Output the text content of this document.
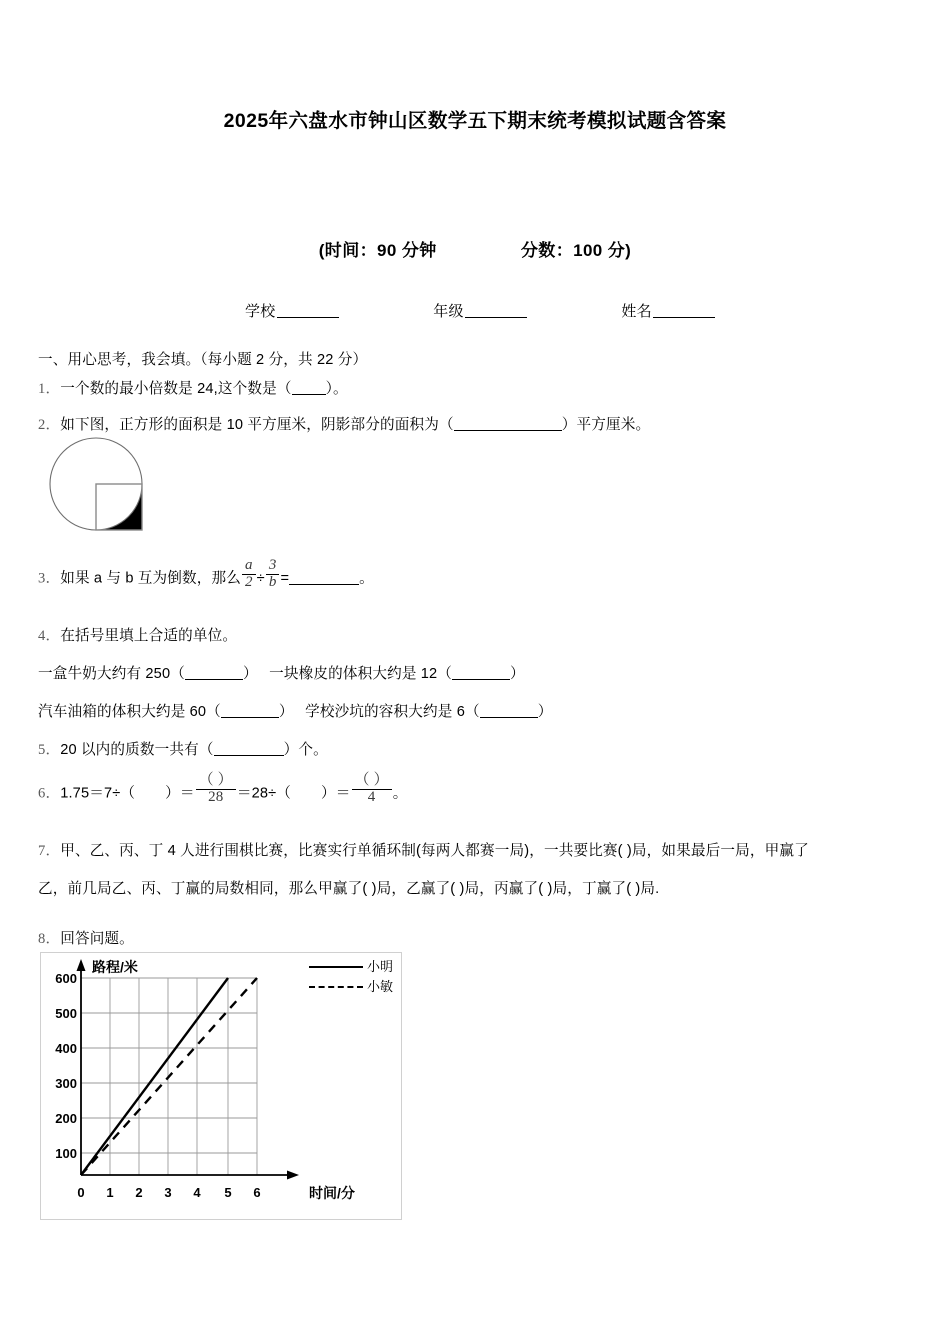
2025年六盘水市钟山区数学五下期末统考模拟试题含答案
(时间：90 分钟	分数：100 分)
学校	年级	姓名
一、用心思考，我会填。（每小题 2 分，共 22 分）
1．一个数的最小倍数是 24,这个数是（ ）。
2．如下图，正方形的面积是 10 平方厘米，阴影部分的面积为（	）平方厘米。
3．如果 a 与 b 互为倒数，那么 $\frac{a}{2} \div \frac{3}{b}$ =	。
4．在括号里填上合适的单位。
一盒牛奶大约有 250（	） 一块橡皮的体积大约是 12（	）
汽车油箱的体积大约是 60（	） 学校沙坑的容积大约是 6（	）
5．20 以内的质数一共有（	）个。
6．1.75＝7÷（ ）＝ $\frac{( )}{28} =28\div$（ ）＝ $\frac{( )}{4}$ 。
7．甲、乙、丙、丁 4 人进行围棋比赛，比赛实行单循环制(每两人都赛一局)，一共要比赛( )局，如果最后一局，甲赢了
乙，前几局乙、丙、丁赢的局数相同，那么甲赢了( )局，乙赢了( )局，丙赢了( )局，丁赢了( )局.
8．回答问题。
600
500
400
300
200
100
0 1 2 3 4 5 6
路程/米
时间/分
小明
小敏
